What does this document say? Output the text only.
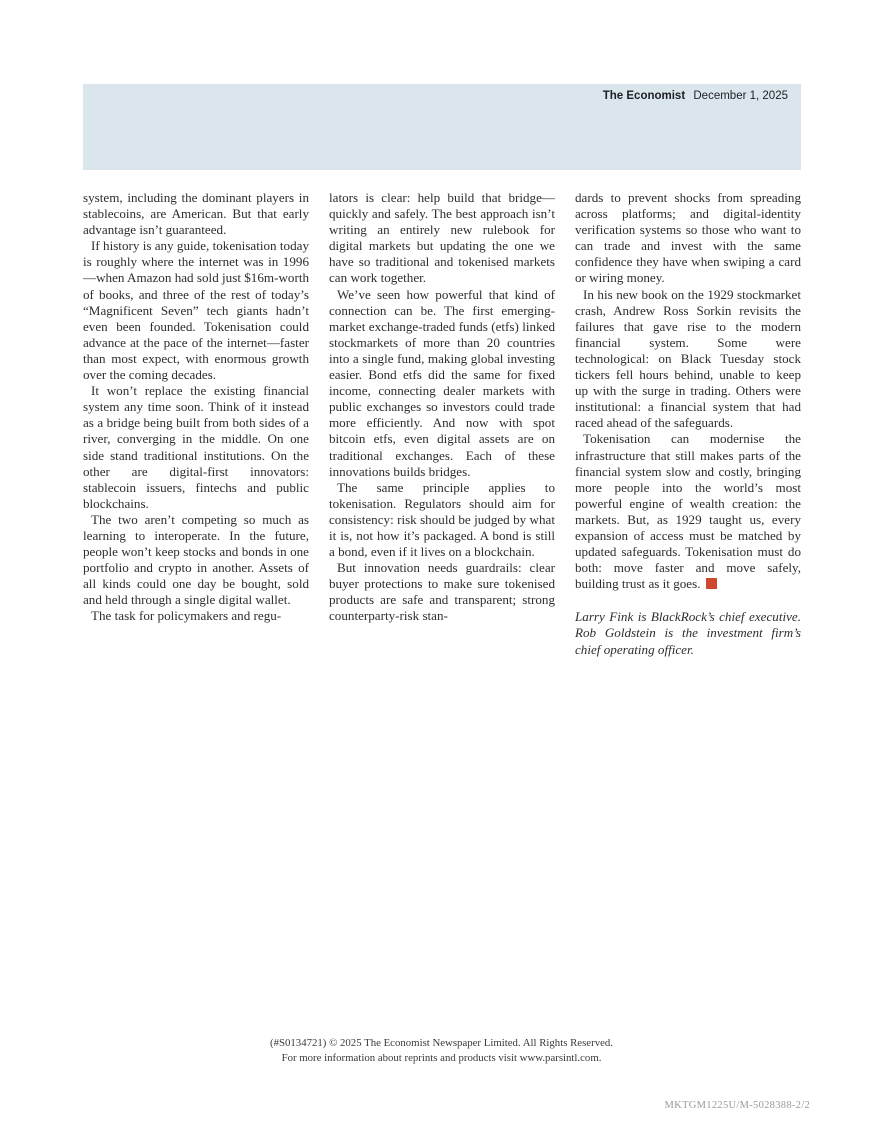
The Economist December 1, 2025

system, including the dominant players in stablecoins, are American. But that early advantage isn’t guaranteed.

If history is any guide, tokenisation today is roughly where the internet was in 1996—when Amazon had sold just $16m-worth of books, and three of the rest of today’s “Magnificent Seven” tech giants hadn’t even been founded. Tokenisation could advance at the pace of the internet—faster than most expect, with enormous growth over the coming decades.

It won’t replace the existing financial system any time soon. Think of it instead as a bridge being built from both sides of a river, converging in the middle. On one side stand traditional institutions. On the other are digital-first innovators: stablecoin issuers, fintechs and public blockchains.

The two aren’t competing so much as learning to interoperate. In the future, people won’t keep stocks and bonds in one portfolio and crypto in another. Assets of all kinds could one day be bought, sold and held through a single digital wallet.

The task for policymakers and regu-

lators is clear: help build that bridge—quickly and safely. The best approach isn’t writing an entirely new rulebook for digital markets but updating the one we have so traditional and tokenised markets can work together.

We’ve seen how powerful that kind of connection can be. The first emerging-market exchange-traded funds (etfs) linked stockmarkets of more than 20 countries into a single fund, making global investing easier. Bond etfs did the same for fixed income, connecting dealer markets with public exchanges so investors could trade more efficiently. And now with spot bitcoin etfs, even digital assets are on traditional exchanges. Each of these innovations builds bridges.

The same principle applies to tokenisation. Regulators should aim for consistency: risk should be judged by what it is, not how it’s packaged. A bond is still a bond, even if it lives on a blockchain.

But innovation needs guardrails: clear buyer protections to make sure tokenised products are safe and transparent; strong counterparty-risk stan-

dards to prevent shocks from spreading across platforms; and digital-identity verification systems so those who want to can trade and invest with the same confidence they have when swiping a card or wiring money.

In his new book on the 1929 stockmarket crash, Andrew Ross Sorkin revisits the failures that gave rise to the modern financial system. Some were technological: on Black Tuesday stock tickers fell hours behind, unable to keep up with the surge in trading. Others were institutional: a financial system that had raced ahead of the safeguards.

Tokenisation can modernise the infrastructure that still makes parts of the financial system slow and costly, bringing more people into the world’s most powerful engine of wealth creation: the markets. But, as 1929 taught us, every expansion of access must be matched by updated safeguards. Tokenisation must do both: move faster and move safely, building trust as it goes.

Larry Fink is BlackRock’s chief executive. Rob Goldstein is the investment firm’s chief operating officer.

(#S0134721) © 2025 The Economist Newspaper Limited. All Rights Reserved.
For more information about reprints and products visit www.parsintl.com.
MKTGM1225U/M-5028388-2/2
